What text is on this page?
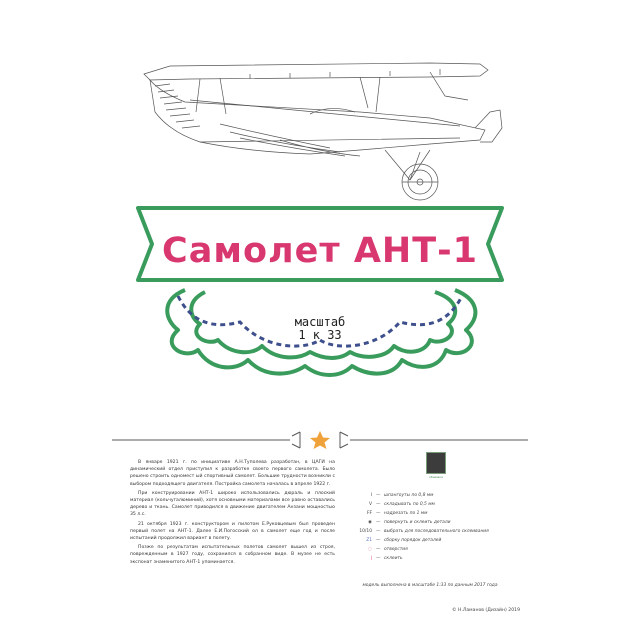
Самолет АНТ-1
масштаб
1 к 33

В январе 1921 г. по инициативе А.Н.Туполева разработан, в ЦАГИ на динамический отдел приступил к разработке своего первого самолета. Было решено строить одномест ый спортивный самолет. Большие трудности возникли с выбором подходящего двигателя. Постройка самолета началась в апреле 1922 г.

При конструировании АНТ-1 широко использовались дюраль и плоский материал (кольчугалюминий), хотя основными материалами все равно оставались дерево и ткань. Самолет приводился в движение двигателем Анзани мощностью 35 л.с.

21 октября 1923 г. конструктором и пилотом Е.Руковцевым был проведен первый полет на АНТ-1. Далее Е.И.Погосский ол в самолет еще год и после испытаний продолжил вариант в полету.

Позже по результатам испытательных полетов самолет вышел из строя, поврежденным в 1927 году, сохранился в собранном виде. В музее не есть экспонат знаменитого АНТ-1 упоминается.

обшивка
I — шпангоуты по 0,8 мм
V — складывать по 0,5 мм
FF — надрезать по 1 мм
◉ — повернуть и склеить детали
10/10 — выбрать для последовательного склеивания
Z1 — сборку порядок деталей
◌ — отверстия
| — склеить
модель выполнена в масштабе 1:33 по данным 2017 года
© Н.Ламанов (Дизайн) 2019
